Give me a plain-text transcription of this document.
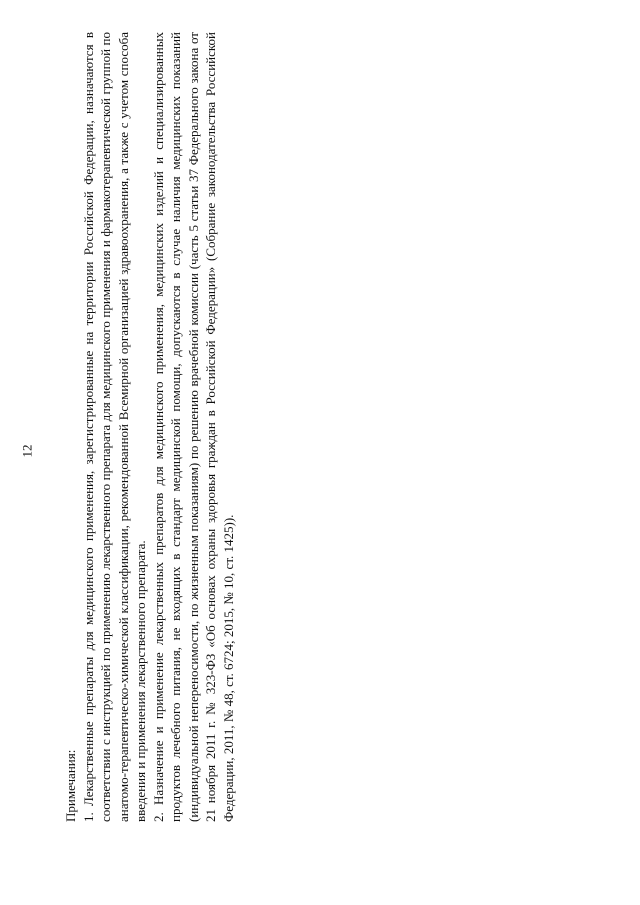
12

Примечания: 1. Лекарственные препараты для медицинского применения, зарегистрированные на территории Российской Федерации, назначаются в соответствии с инструкцией по применению лекарственного препарата для медицинского применения и фармакотерапевтической группой по анатомо-терапевтическо-химической классификации, рекомендованной Всемирной организацией здравоохранения, а также с учетом способа введения и применения лекарственного препарата. 2. Назначение и применение лекарственных препаратов для медицинского применения, медицинских изделий и специализированных продуктов лечебного питания, не входящих в стандарт медицинской помощи, допускаются в случае наличия медицинских показаний (индивидуальной непереносимости, по жизненным показаниям) по решению врачебной комиссии (часть 5 статьи 37 Федерального закона от 21 ноября 2011 г. № 323-ФЗ «Об основах охраны здоровья граждан в Российской Федерации» (Собрание законодательства Российской Федерации, 2011, № 48, ст. 6724; 2015, № 10, ст. 1425)).
